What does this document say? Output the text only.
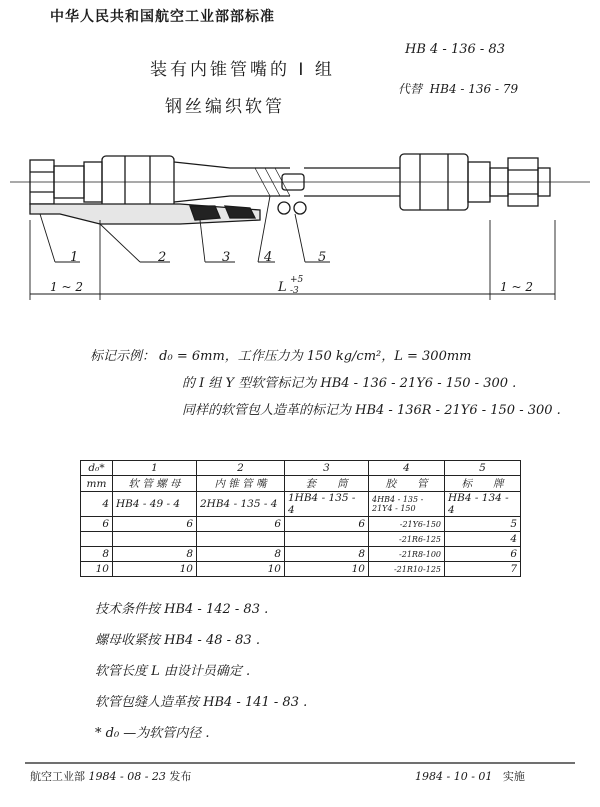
中华人民共和国航空工业部部标准
装有内锥管嘴的 I 组
钢丝编织软管
HB 4 - 136 - 83
代替 HB4 - 136 - 79
1	2	3	4	5
1 ~ 2	L +5
-3	1 ~ 2
标记示例： d₀ = 6mm，工作压力为 150 kg/cm²，L = 300mm
的 I 组 Y 型软管标记为 HB4 - 136 - 21Y6 - 150 - 300 .
同样的软管包人造革的标记为 HB4 - 136R - 21Y6 - 150 - 300 .
d₀*	1	2	3	4	5
mm	软 管 螺 母	内 锥 管 嘴	套　　筒	胶　　管	标　　牌
4	HB4 - 49 - 4	2HB4 - 135 - 4	1HB4 - 135 - 4	4HB4 - 135 - 21Y4 - 150	HB4 - 134 - 4
6	6	6	6	-21Y6-150	5
				-21R6-125	4
8	8	8	8	-21R8-100	6
10	10	10	10	-21R10-125	7
技术条件按 HB4 - 142 - 83 .
螺母收紧按 HB4 - 48 - 83 .
软管长度 L 由设计员确定 .
软管包缝人造革按 HB4 - 141 - 83 .
* d₀ —为软管内径 .
航空工业部 1984 - 08 - 23 发布	1984 - 10 - 01 实施
